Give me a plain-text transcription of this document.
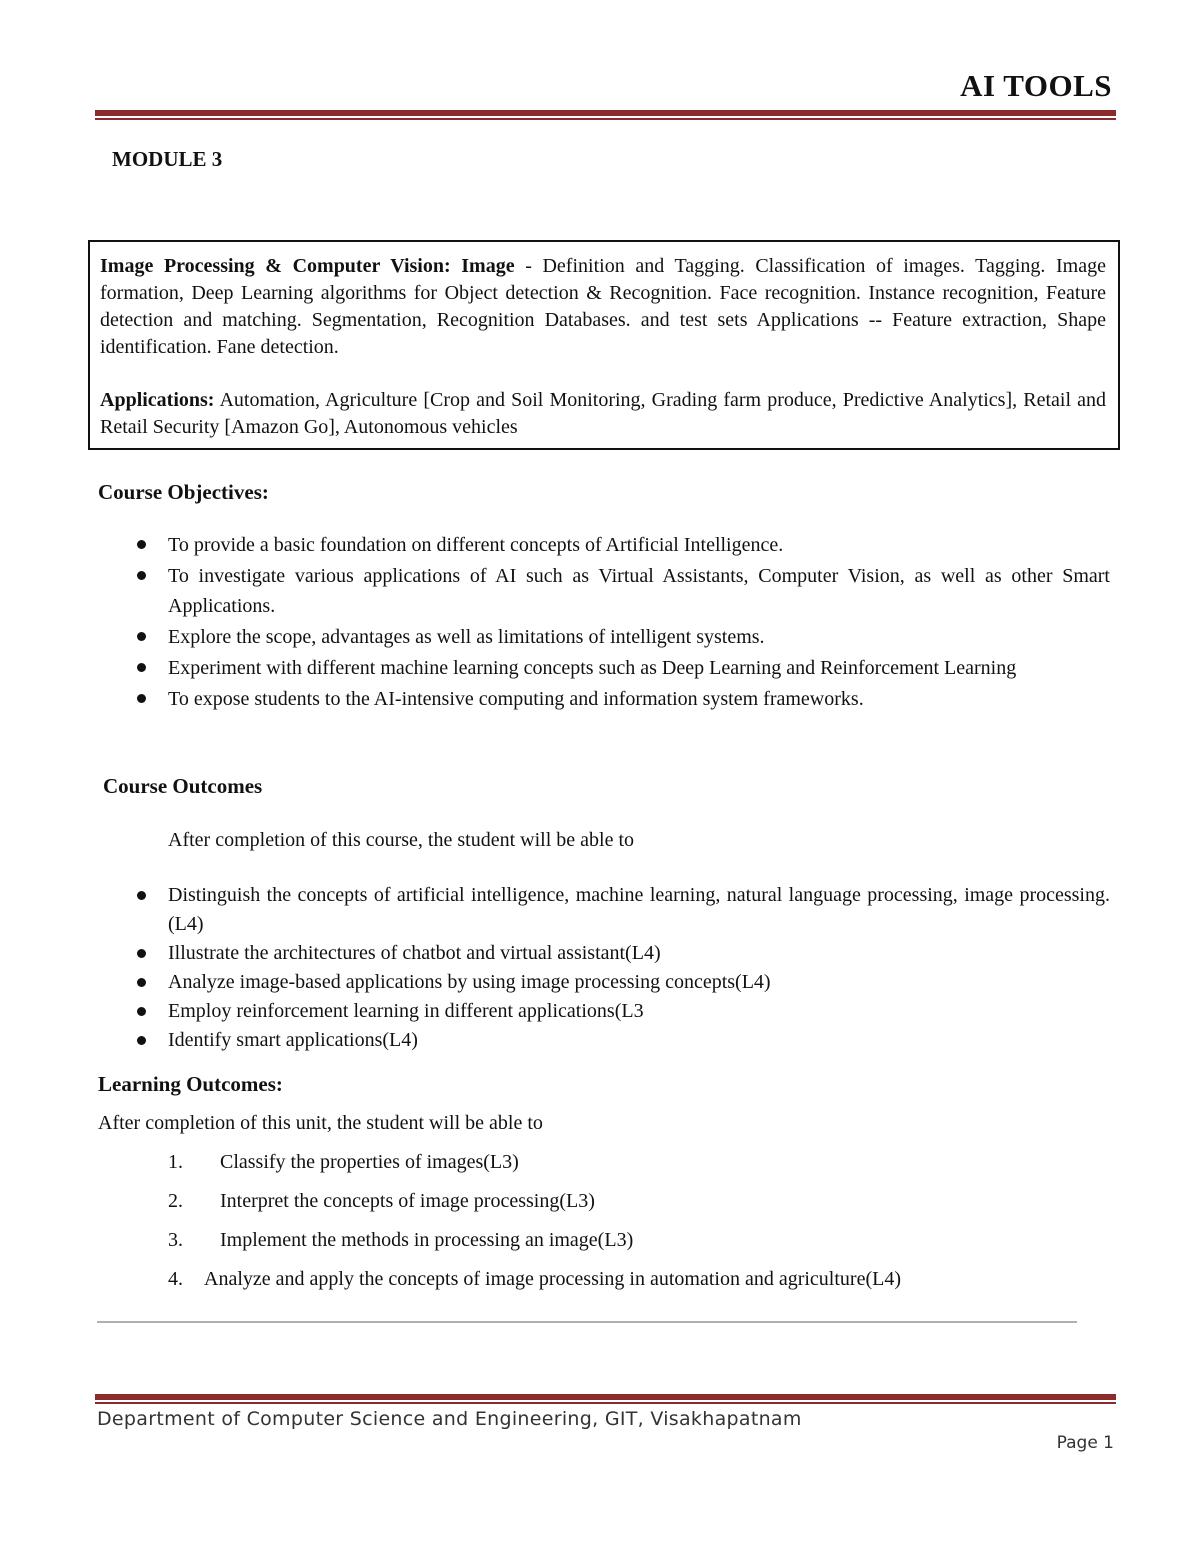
AI TOOLS
MODULE 3

Image Processing & Computer Vision: Image - Definition and Tagging. Classification of images. Tagging. Image formation, Deep Learning algorithms for Object detection & Recognition. Face recognition. Instance recognition, Feature detection and matching. Segmentation, Recognition Databases. and test sets Applications -- Feature extraction, Shape identification. Fane detection.

Applications: Automation, Agriculture [Crop and Soil Monitoring, Grading farm produce, Predictive Analytics], Retail and Retail Security [Amazon Go], Autonomous vehicles

Course Objectives:
To provide a basic foundation on different concepts of Artificial Intelligence.
To investigate various applications of AI such as Virtual Assistants, Computer Vision, as well as other Smart Applications.
Explore the scope, advantages as well as limitations of intelligent systems.
Experiment with different machine learning concepts such as Deep Learning and Reinforcement Learning
To expose students to the AI-intensive computing and information system frameworks.
Course Outcomes
After completion of this course, the student will be able to
Distinguish the concepts of artificial intelligence, machine learning, natural language processing, image processing.(L4)
Illustrate the architectures of chatbot and virtual assistant(L4)
Analyze image-based applications by using image processing concepts(L4)
Employ reinforcement learning in different applications(L3
Identify smart applications(L4)
Learning Outcomes:
After completion of this unit, the student will be able to
1. Classify the properties of images(L3)
2. Interpret the concepts of image processing(L3)
3. Implement the methods in processing an image(L3)
4. Analyze and apply the concepts of image processing in automation and agriculture(L4)
Department of Computer Science and Engineering, GIT, Visakhapatnam
Page 1
